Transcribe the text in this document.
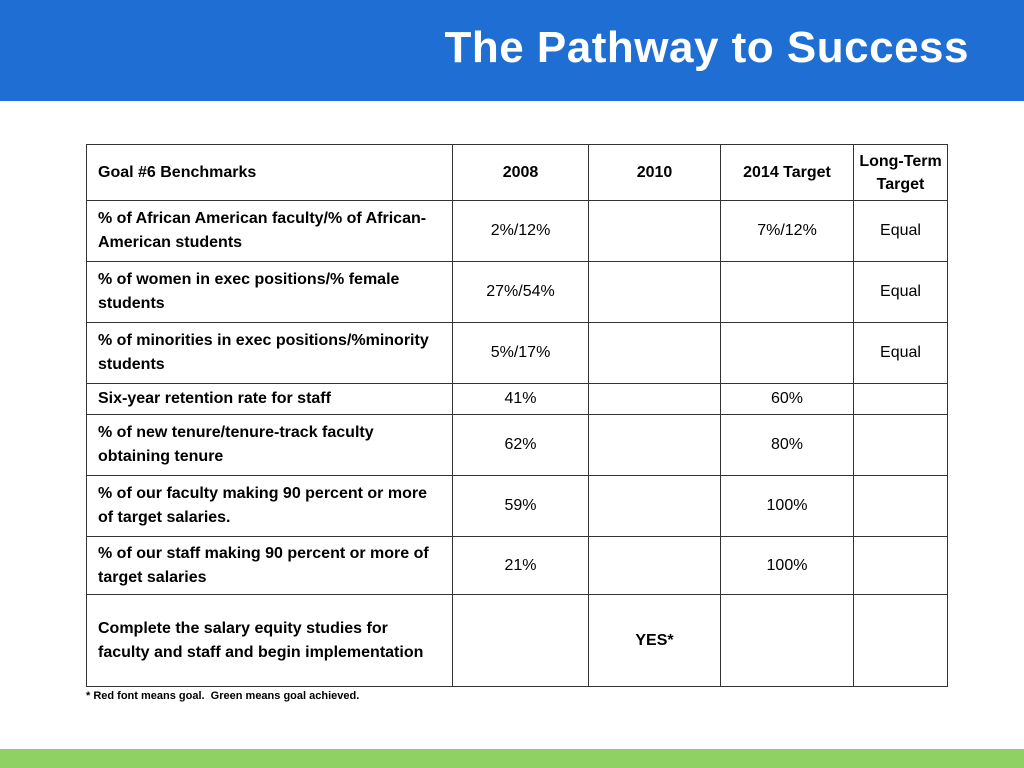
The Pathway to Success
Goal #6 Benchmarks	2008	2010	2014 Target	Long-Term Target
% of African American faculty/% of African-American students	2%/12%		7%/12%	Equal
% of women in exec positions/% female students	27%/54%			Equal
% of minorities in exec positions/%minority students	5%/17%			Equal
Six-year retention rate for staff	41%		60%	
% of new tenure/tenure-track faculty obtaining tenure	62%		80%	
% of our faculty making 90 percent or more of target salaries.	59%		100%	
% of our staff making 90 percent or more of target salaries	21%		100%	
Complete the salary equity studies for faculty and staff and begin implementation		YES*		
* Red font means goal.  Green means goal achieved.
